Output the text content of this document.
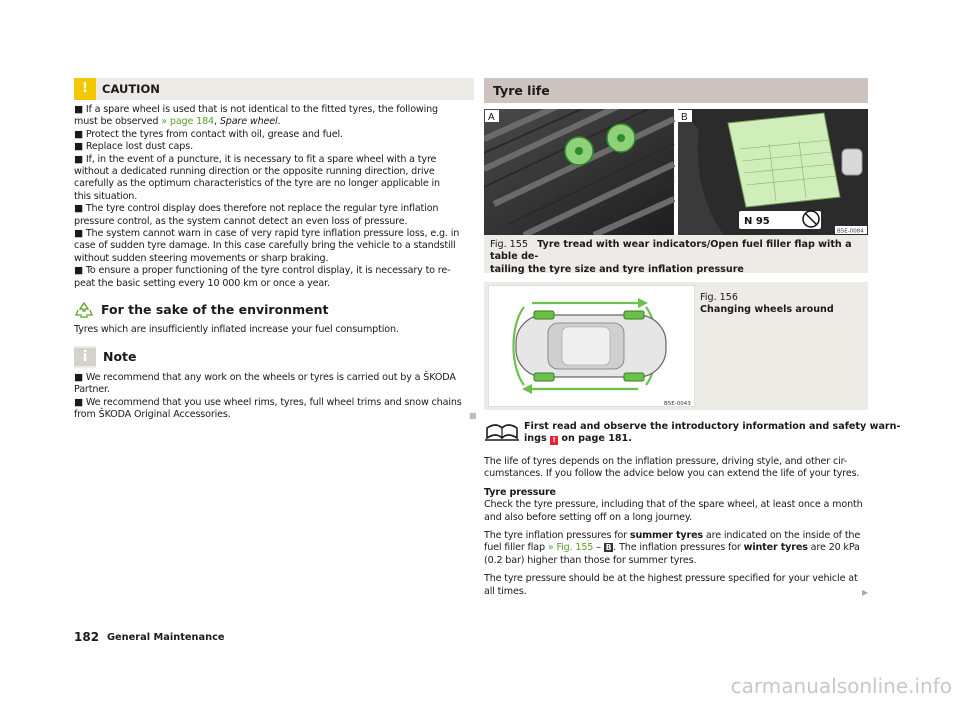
!	CAUTION

■ If a spare wheel is used that is not identical to the fitted tyres, the following

must be observed » page 184, Spare wheel.

■ Protect the tyres from contact with oil, grease and fuel.

■ Replace lost dust caps.

■ If, in the event of a puncture, it is necessary to fit a spare wheel with a tyre

without a dedicated running direction or the opposite running direction, drive

carefully as the optimum characteristics of the tyre are no longer applicable in

this situation.

■ The tyre control display does therefore not replace the regular tyre inflation

pressure control, as the system cannot detect an even loss of pressure.

■ The system cannot warn in case of very rapid tyre inflation pressure loss, e.g. in

case of sudden tyre damage. In this case carefully bring the vehicle to a standstill

without sudden steering movements or sharp braking.

■ To ensure a proper functioning of the tyre control display, it is necessary to re-

peat the basic setting every 10 000 km or once a year.

For the sake of the environment
Tyres which are insufficiently inflated increase your fuel consumption.
i	Note

■ We recommend that any work on the wheels or tyres is carried out by a ŠKODA

Partner.

■ We recommend that you use wheel rims, tyres, full wheel trims and snow chains

from ŠKODA Original Accessories.	■
Tyre life
A	B
N 95
B5E-0084
Fig. 155 Tyre tread with wear indicators/Open fuel filler flap with a table de-
tailing the tyre size and tyre inflation pressure
B5E-0043
Fig. 156
Changing wheels around
First read and observe the introductory information and safety warn-
ings ! on page 181.

The life of tyres depends on the inflation pressure, driving style, and other cir-

cumstances. If you follow the advice below you can extend the life of your tyres.

Tyre pressure

Check the tyre pressure, including that of the spare wheel, at least once a month

and also before setting off on a long journey.

The tyre inflation pressures for summer tyres are indicated on the inside of the

fuel filler flap » Fig. 155 – B . The inflation pressures for winter tyres are 20 kPa

(0.2 bar) higher than those for summer tyres.

The tyre pressure should be at the highest pressure specified for your vehicle at

all times.	▶
182 General Maintenance
carmanualsonline.info
